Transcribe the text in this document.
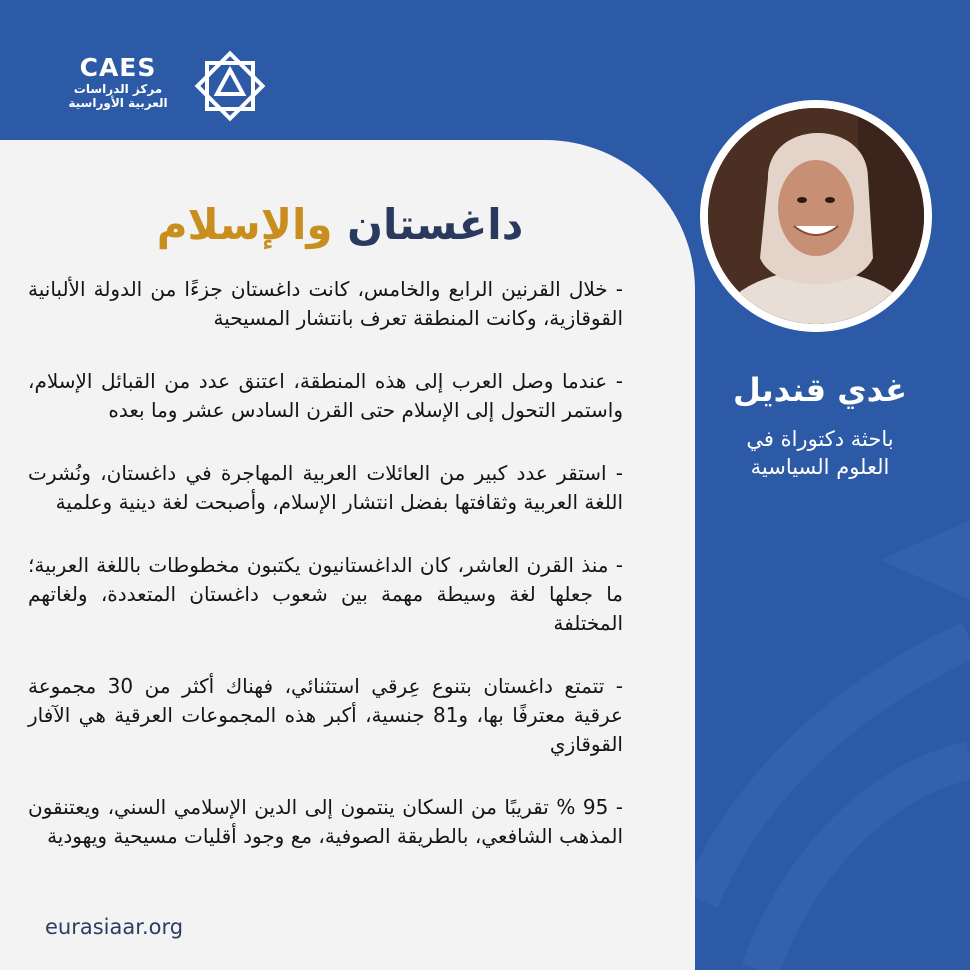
CAES
مركز الدراسات
العربية الأوراسية
داغستان والإسلام

- خلال القرنين الرابع والخامس، كانت داغستان جزءًا من الدولة الألبانية القوقازية، وكانت المنطقة تعرف بانتشار المسيحية

- عندما وصل العرب إلى هذه المنطقة، اعتنق عدد من القبائل الإسلام، واستمر التحول إلى الإسلام حتى القرن السادس عشر وما بعده

- استقر عدد كبير من العائلات العربية المهاجرة في داغستان، ونُشرت اللغة العربية وثقافتها بفضل انتشار الإسلام، وأصبحت لغة دينية وعلمية

- منذ القرن العاشر، كان الداغستانيون يكتبون مخطوطات باللغة العربية؛ ما جعلها لغة وسيطة مهمة بين شعوب داغستان المتعددة، ولغاتهم المختلفة

- تتمتع داغستان بتنوع عِرقي استثنائي، فهناك أكثر من 30 مجموعة عرقية معترفًا بها، و81 جنسية، أكبر هذه المجموعات العرقية هي الآفار القوقازي

- 95 % تقريبًا من السكان ينتمون إلى الدين الإسلامي السني، ويعتنقون المذهب الشافعي، بالطريقة الصوفية، مع وجود أقليات مسيحية ويهودية

eurasiaar.org
غدي قنديل
باحثة دكتوراة في
العلوم السياسية
